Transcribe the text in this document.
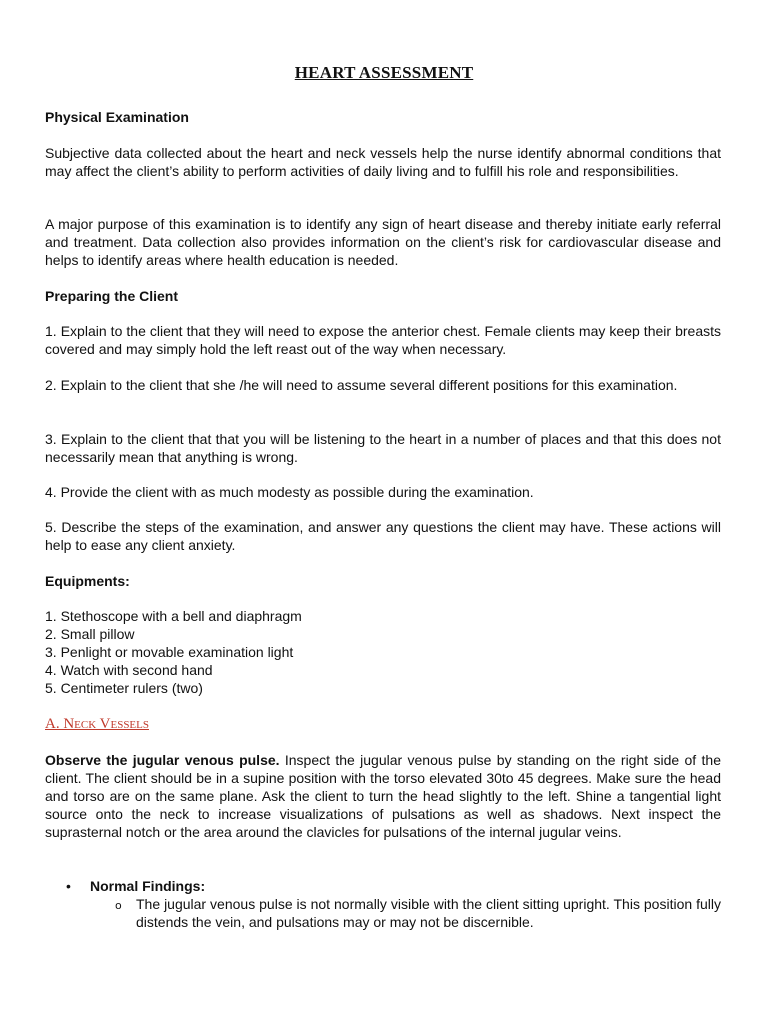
HEART ASSESSMENT
Physical Examination
Subjective data collected about the heart and neck vessels help the nurse identify abnormal conditions that may affect the client’s ability to perform activities of daily living and to fulfill his role and responsibilities.
A major purpose of this examination is to identify any sign of heart disease and thereby initiate early referral and treatment. Data collection also provides information on the client’s risk for cardiovascular disease and helps to identify areas where health education is needed.
Preparing the Client
1. Explain to the client that they will need to expose the anterior chest. Female clients may keep their breasts covered and may simply hold the left reast out of the way when necessary.
2. Explain to the client that she /he will need to assume several different positions for this examination.
3. Explain to the client that that you will be listening to the heart in a number of places and that this does not necessarily mean that anything is wrong.
4. Provide the client with as much modesty as possible during the examination.
5. Describe the steps of the examination, and answer any questions the client may have. These actions will help to ease any client anxiety.
Equipments:
1. Stethoscope with a bell and diaphragm
2. Small pillow
3. Penlight or movable examination light
4. Watch with second hand
5. Centimeter rulers (two)
A. Neck Vessels
Observe the jugular venous pulse. Inspect the jugular venous pulse by standing on the right side of the client. The client should be in a supine position with the torso elevated 30to 45 degrees. Make sure the head and torso are on the same plane. Ask the client to turn the head slightly to the left. Shine a tangential light source onto the neck to increase visualizations of pulsations as well as shadows. Next inspect the suprasternal notch or the area around the clavicles for pulsations of the internal jugular veins.
• Normal Findings:
o The jugular venous pulse is not normally visible with the client sitting upright. This position fully distends the vein, and pulsations may or may not be discernible.
